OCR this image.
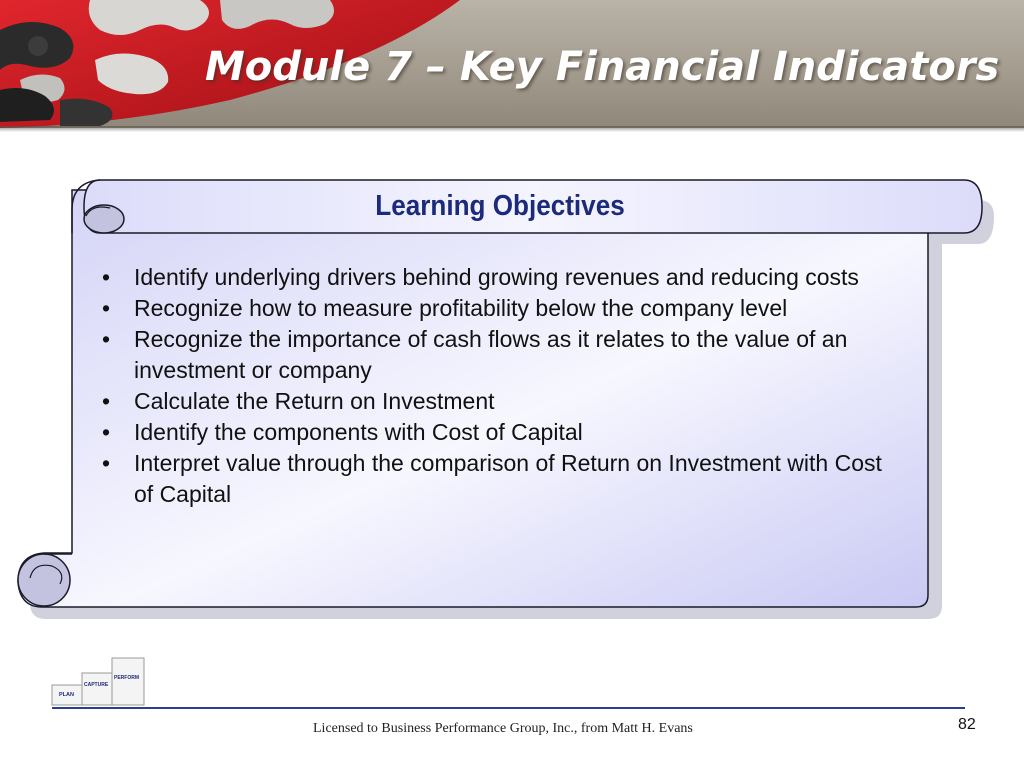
Module 7 – Key Financial Indicators
Learning Objectives
• Identify underlying drivers behind growing revenues and reducing costs
• Recognize how to measure profitability below the company level
• Recognize the importance of cash flows as it relates to the value of an investment or company
• Calculate the Return on Investment
• Identify the components with Cost of Capital
• Interpret value through the comparison of Return on Investment with Cost of Capital
PLAN
CAPTURE
PERFORM
Licensed to Business Performance Group, Inc., from Matt H. Evans	82
